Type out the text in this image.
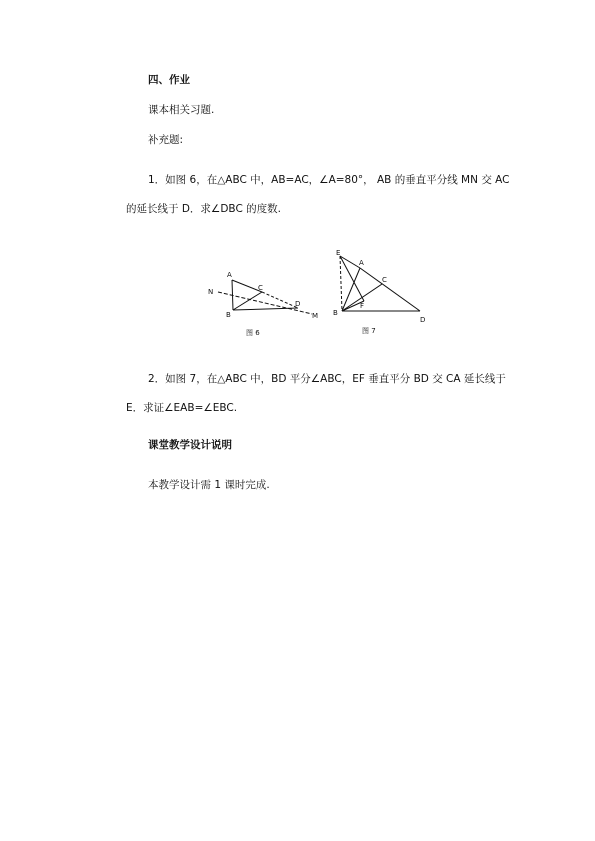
四、作业
课本相关习题.
补充题:
1．如图 6，在△ABC 中，AB=AC，∠A=80°， AB 的垂直平分线 MN 交 AC
的延长线于 D．求∠DBC 的度数.
A
C
D
N
B	M
图 6
E
A
C
F
B
D
图 7
2．如图 7，在△ABC 中，BD 平分∠ABC，EF 垂直平分 BD 交 CA 延长线于
E．求证∠EAB=∠EBC.
课堂教学设计说明
本教学设计需 1 课时完成.
